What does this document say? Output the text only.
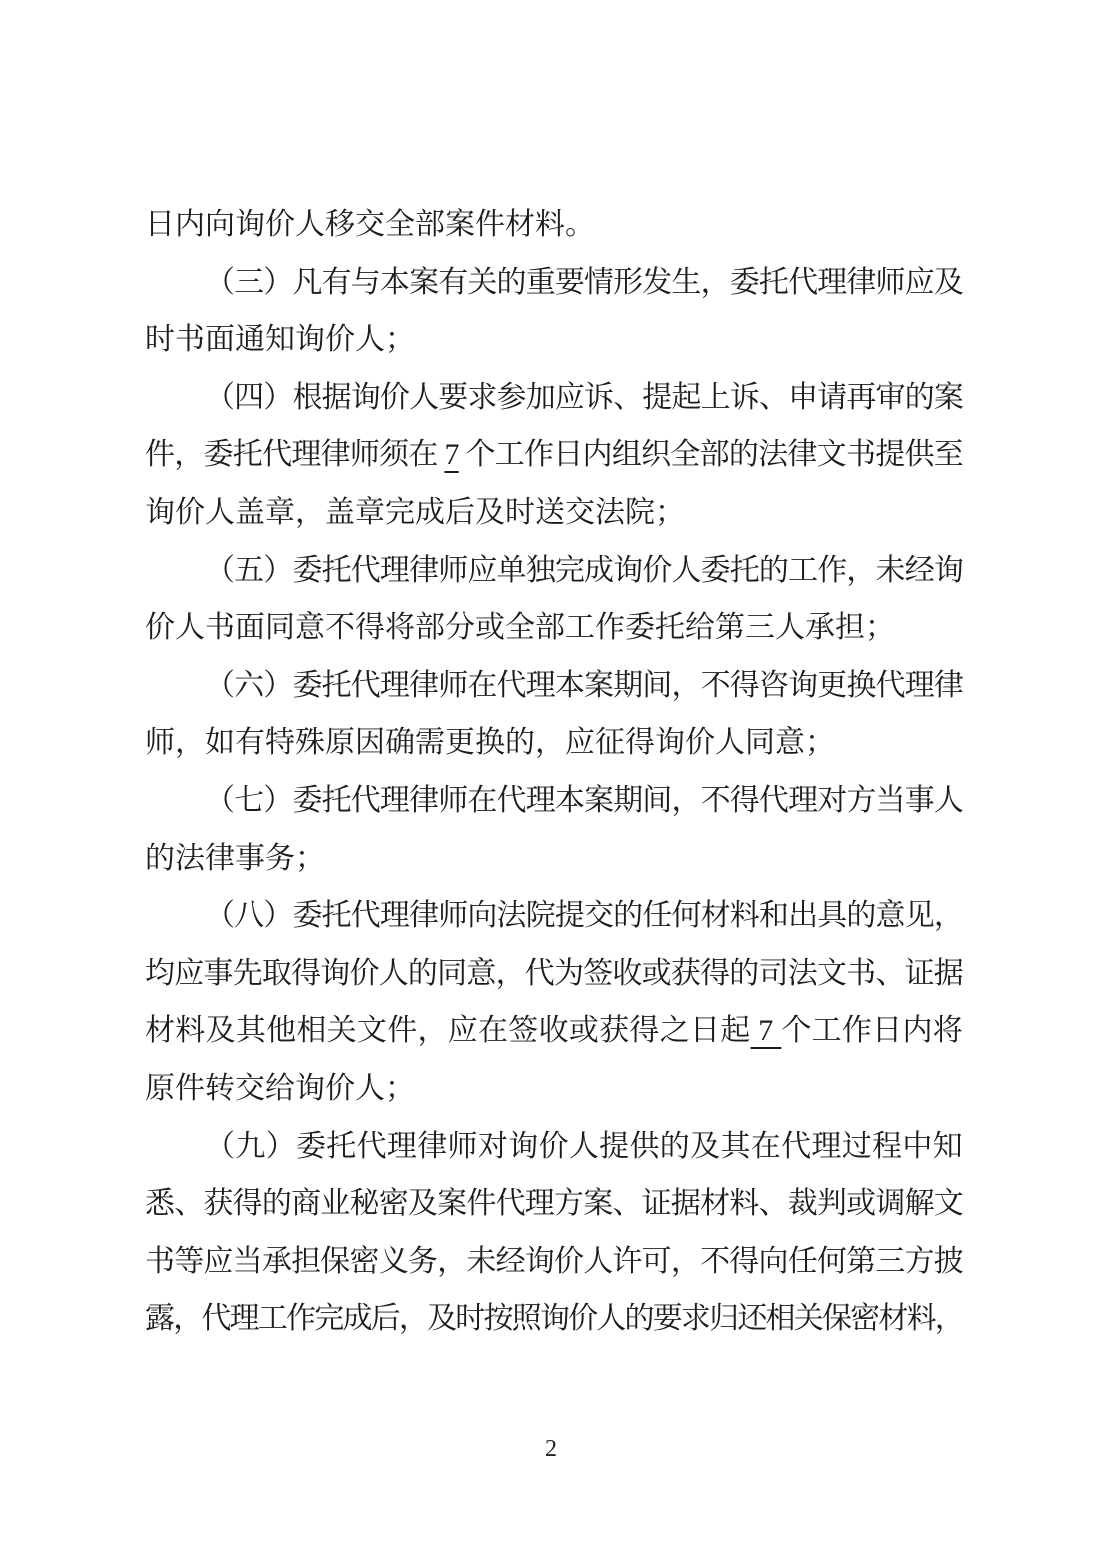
日内向询价人移交全部案件材料。
（三）凡有与本案有关的重要情形发生，委托代理律师应及
时书面通知询价人；
（四）根据询价人要求参加应诉、提起上诉、申请再审的案
件，委托代理律师须在 7 个工作日内组织全部的法律文书提供至
询价人盖章，盖章完成后及时送交法院；
（五）委托代理律师应单独完成询价人委托的工作，未经询
价人书面同意不得将部分或全部工作委托给第三人承担；
（六）委托代理律师在代理本案期间，不得咨询更换代理律
师，如有特殊原因确需更换的，应征得询价人同意；
（七）委托代理律师在代理本案期间，不得代理对方当事人
的法律事务；
（八）委托代理律师向法院提交的任何材料和出具的意见，
均应事先取得询价人的同意，代为签收或获得的司法文书、证据
材料及其他相关文件，应在签收或获得之日起 7 个工作日内将
原件转交给询价人；
（九）委托代理律师对询价人提供的及其在代理过程中知
悉、获得的商业秘密及案件代理方案、证据材料、裁判或调解文
书等应当承担保密义务，未经询价人许可，不得向任何第三方披
露，代理工作完成后，及时按照询价人的要求归还相关保密材料，
2
